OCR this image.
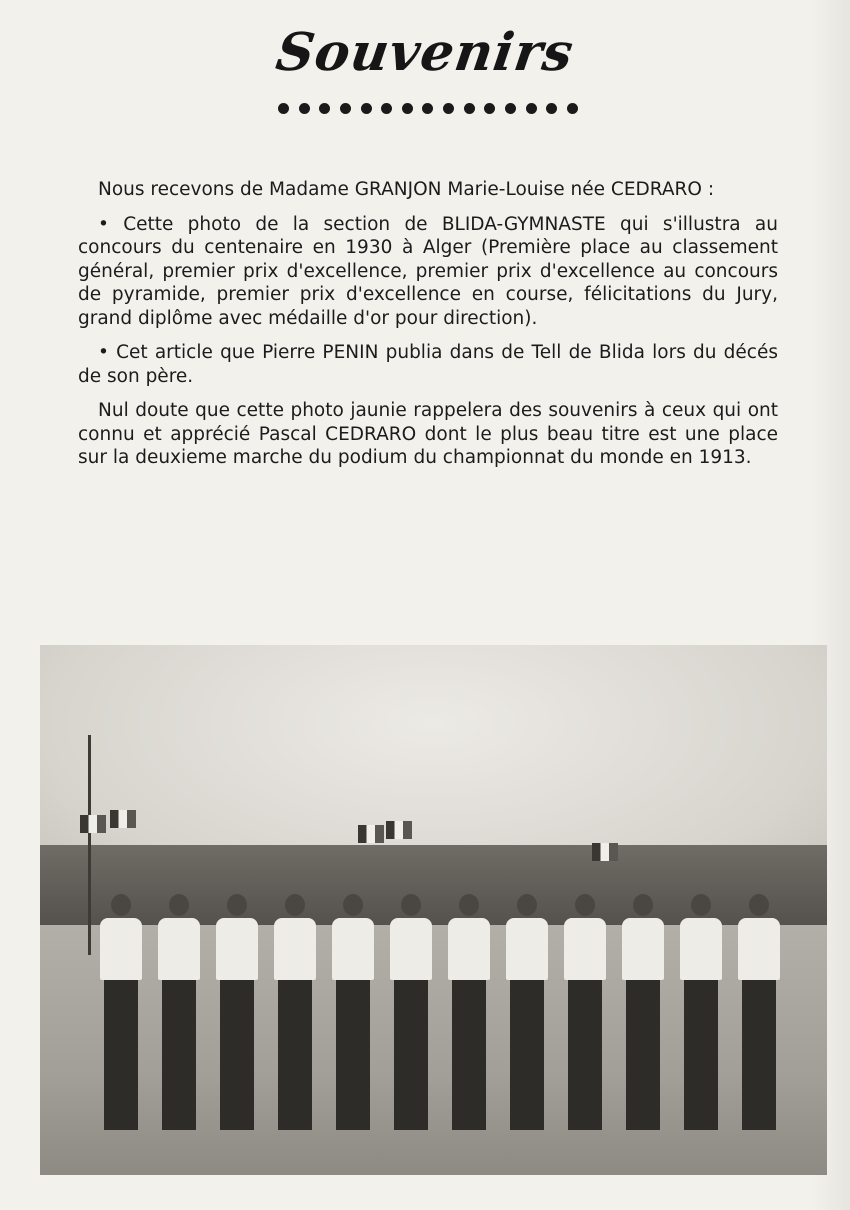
Souvenirs

Nous recevons de Madame GRANJON Marie-Louise née CEDRARO :

• Cette photo de la section de BLIDA-GYMNASTE qui s'illustra au concours du centenaire en 1930 à Alger (Première place au classement général, premier prix d'excellence, premier prix d'excellence au concours de pyramide, premier prix d'excellence en course, félicitations du Jury, grand diplôme avec médaille d'or pour direction).

• Cet article que Pierre PENIN publia dans de Tell de Blida lors du décés de son père.

Nul doute que cette photo jaunie rappelera des souvenirs à ceux qui ont connu et apprécié Pascal CEDRARO dont le plus beau titre est une place sur la deuxieme marche du podium du championnat du monde en 1913.
